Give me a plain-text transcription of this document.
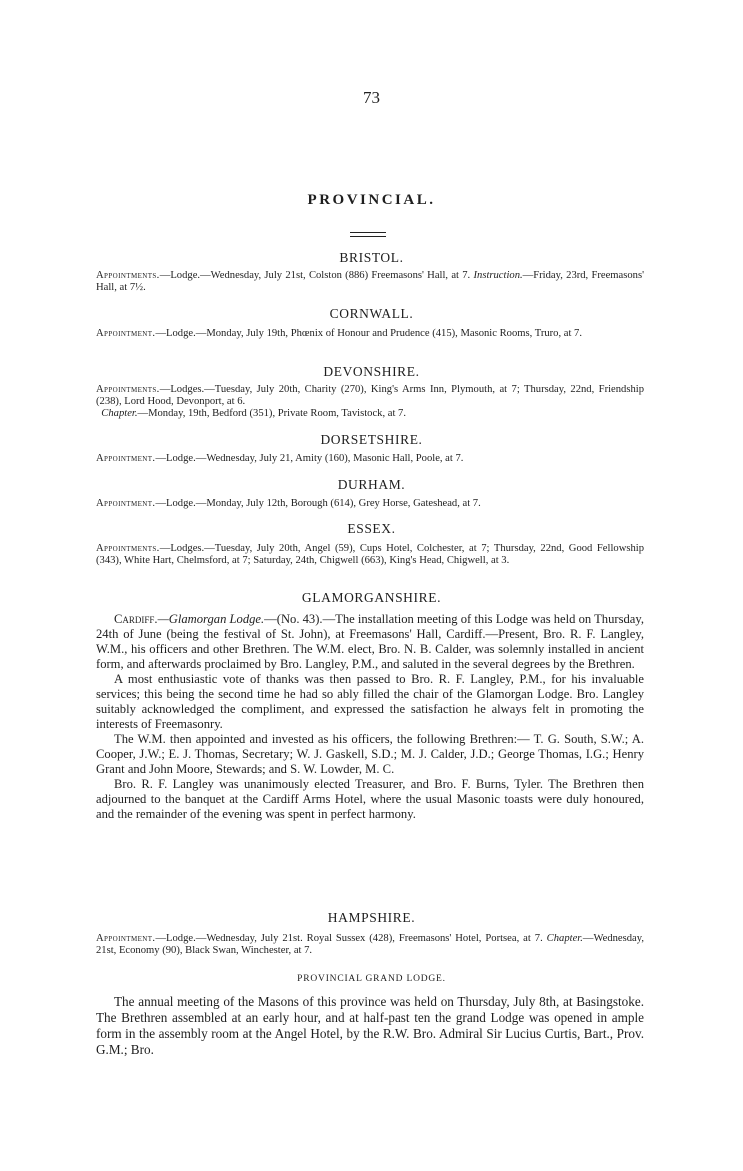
73
PROVINCIAL.
BRISTOL.
Appointments.—Lodge.—Wednesday, July 21st, Colston (886) Freemasons' Hall, at 7. Instruction.—Friday, 23rd, Freemasons' Hall, at 7½.
CORNWALL.
Appointment.—Lodge.—Monday, July 19th, Phœnix of Honour and Prudence (415), Masonic Rooms, Truro, at 7.
DEVONSHIRE.
Appointments.—Lodges.—Tuesday, July 20th, Charity (270), King's Arms Inn, Plymouth, at 7; Thursday, 22nd, Friendship (238), Lord Hood, Devonport, at 6.
Chapter.—Monday, 19th, Bedford (351), Private Room, Tavistock, at 7.
DORSETSHIRE.
Appointment.—Lodge.—Wednesday, July 21, Amity (160), Masonic Hall, Poole, at 7.
DURHAM.
Appointment.—Lodge.—Monday, July 12th, Borough (614), Grey Horse, Gateshead, at 7.
ESSEX.
Appointments.—Lodges.—Tuesday, July 20th, Angel (59), Cups Hotel, Colchester, at 7; Thursday, 22nd, Good Fellowship (343), White Hart, Chelmsford, at 7; Saturday, 24th, Chigwell (663), King's Head, Chigwell, at 3.
GLAMORGANSHIRE.

Cardiff.—Glamorgan Lodge.—(No. 43).—The installation meeting of this Lodge was held on Thursday, 24th of June (being the festival of St. John), at Freemasons' Hall, Cardiff.—Present, Bro. R. F. Langley, W.M., his officers and other Brethren. The W.M. elect, Bro. N. B. Calder, was solemnly installed in ancient form, and afterwards proclaimed by Bro. Langley, P.M., and saluted in the several degrees by the Brethren.

A most enthusiastic vote of thanks was then passed to Bro. R. F. Langley, P.M., for his invaluable services; this being the second time he had so ably filled the chair of the Glamorgan Lodge. Bro. Langley suitably acknowledged the compliment, and expressed the satisfaction he always felt in promoting the interests of Freemasonry.

The W.M. then appointed and invested as his officers, the following Brethren:— T. G. South, S.W.; A. Cooper, J.W.; E. J. Thomas, Secretary; W. J. Gaskell, S.D.; M. J. Calder, J.D.; George Thomas, I.G.; Henry Grant and John Moore, Stewards; and S. W. Lowder, M. C.

Bro. R. F. Langley was unanimously elected Treasurer, and Bro. F. Burns, Tyler. The Brethren then adjourned to the banquet at the Cardiff Arms Hotel, where the usual Masonic toasts were duly honoured, and the remainder of the evening was spent in perfect harmony.

HAMPSHIRE.
Appointment.—Lodge.—Wednesday, July 21st. Royal Sussex (428), Freemasons' Hotel, Portsea, at 7. Chapter.—Wednesday, 21st, Economy (90), Black Swan, Winchester, at 7.
PROVINCIAL GRAND LODGE.

The annual meeting of the Masons of this province was held on Thursday, July 8th, at Basingstoke. The Brethren assembled at an early hour, and at half-past ten the grand Lodge was opened in ample form in the assembly room at the Angel Hotel, by the R.W. Bro. Admiral Sir Lucius Curtis, Bart., Prov. G.M.; Bro.
